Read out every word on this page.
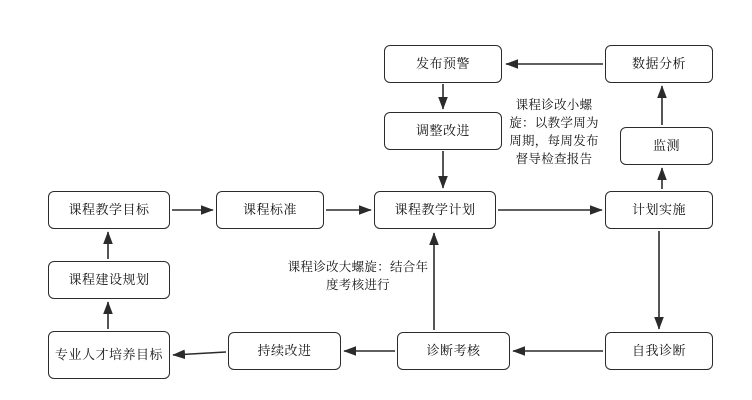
发布预警	数据分析
调整改进
监测
课程教学目标	课程标准	课程教学计划	计划实施
课程建设规划
专业人才培养目标	持续改进	诊断考核	自我诊断
课程诊改小螺旋：以教学周为周期，每周发布督导检查报告
课程诊改大螺旋：结合年度考核进行
